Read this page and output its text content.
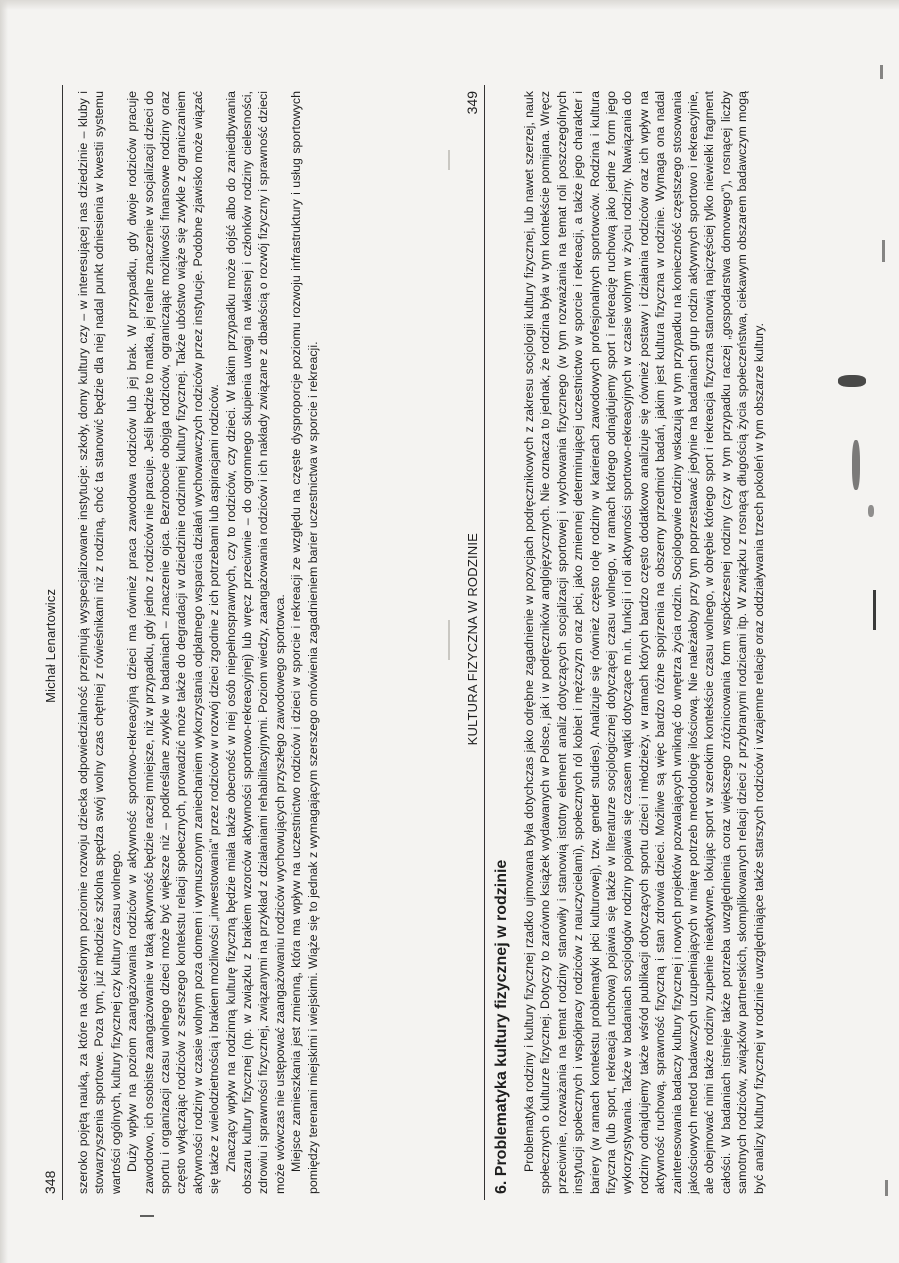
348
Michał Lenartowicz szeroko pojętą nauką, za które na określonym poziomie rozwoju dziecka odpowiedzialność przejmują wyspecjalizowane instytucje: szkoły, domy kultury czy – w interesującej nas dziedzinie – kluby i stowarzyszenia sportowe. Poza tym, już młodzież szkolna spędza swój wolny czas chętniej z rówieśnikami niż z rodziną, choć ta stanowić będzie dla niej nadal punkt odniesienia w kwestii systemu wartości ogólnych, kultury fizycznej czy kultury czasu wolnego. Duży wpływ na poziom zaangażowania rodziców w aktywność sportowo-rekreacyjną dzieci ma również praca zawodowa rodziców lub jej brak. W przypadku, gdy dwoje rodziców pracuje zawodowo, ich osobiste zaangażowanie w taką aktywność będzie raczej mniejsze, niż w przypadku, gdy jedno z rodziców nie pracuje. Jeśli będzie to matka, jej realne znaczenie w socjalizacji dzieci do sportu i organizacji czasu wolnego dzieci może być większe niż – podkreślane zwykle w badaniach – znaczenie ojca. Bezrobocie obojga rodziców, ograniczając możliwości finansowe rodziny oraz często wyłączając rodziców z szerszego kontekstu relacji społecznych, prowadzić może także do degradacji w dziedzinie rodzinnej kultury fizycznej. Także ubóstwo wiąże się zwykle z ograniczaniem aktywności rodziny w czasie wolnym poza domem i wymuszonym zaniechaniem wykorzystania odpłatnego wsparcia działań wychowawczych rodziców przez instytucje. Podobne zjawisko może wiązać się także z wielodzietnością i brakiem możliwości „inwestowania” przez rodziców w rozwój dzieci zgodnie z ich potrzebami lub aspiracjami rodziców. Znaczący wpływ na rodzinną kulturę fizyczną będzie miała także obecność w niej osób niepełnosprawnych, czy to rodziców, czy dzieci. W takim przypadku może dojść albo do zaniedbywania obszaru kultury fizycznej (np. w związku z brakiem wzorców aktywności sportowo-rekreacyjnej) lub wręcz przeciwnie – do ogromnego skupienia uwagi na własnej i członków rodziny cielesności, zdrowiu i sprawności fizycznej, związanymi na przykład z działaniami rehabilitacyjnymi. Poziom wiedzy, zaangażowania rodziców i ich nakłady związane z dbałością o rozwój fizyczny i sprawność dzieci może wówczas nie ustępować zaangażowaniu rodziców wychowujących przyszłego zawodowego sportowca. Miejsce zamieszkania jest zmienną, która ma wpływ na uczestnictwo rodziców i dzieci w sporcie i rekreacji ze względu na częste dysproporcje poziomu rozwoju infrastruktury i usług sportowych pomiędzy terenami miejskimi i wiejskimi. Wiąże się to jednak z wymagającym szerszego omówienia zagadnieniem barier uczestnictwa w sporcie i rekreacji.	KULTURA FIZYCZNA W RODZINIE
349
6. Problematyka kultury fizycznej w rodzinie Problematyka rodziny i kultury fizycznej rzadko ujmowana była dotychczas jako odrębne zagadnienie w pozycjach podręcznikowych z zakresu socjologii kultury fizycznej, lub nawet szerzej, nauk społecznych o kulturze fizycznej. Dotyczy to zarówno książek wydawanych w Polsce, jak i w podręczników anglojęzycznych. Nie oznacza to jednak, że rodzina była w tym kontekście pomijana. Wręcz przeciwnie, rozważania na temat rodziny stanowiły i stanowią istotny element analiz dotyczących socjalizacji sportowej i wychowania fizycznego (w tym rozważania na temat roli poszczególnych instytucji społecznych i współpracy rodziców z nauczycielami), społecznych ról kobiet i mężczyzn oraz płci, jako zmiennej determinującej uczestnictwo w sporcie i rekreacji, a także jego charakter i bariery (w ramach kontekstu problematyki płci kulturowej), tzw. gender studies). Analizuje się również często rolę rodziny w karierach zawodowych profesjonalnych sportowców. Rodzina i kultura fizyczna (lub sport, rekreacja ruchowa) pojawia się także w literaturze socjologicznej dotyczącej czasu wolnego, w ramach którego odnajdujemy sport i rekreację ruchową jako jedne z form jego wykorzystywania. Także w badaniach socjologów rodziny pojawia się czasem wątki dotyczące m.in. funkcji i roli aktywności sportowo-rekreacyjnych w czasie wolnym w życiu rodziny. Nawiązania do rodziny odnajdujemy także wśród publikacji dotyczących sportu dzieci i młodzieży, w ramach których bardzo często dodatkowo analizuje się również postawy i działania rodziców oraz ich wpływ na aktywność ruchową, sprawność fizyczną i stan zdrowia dzieci. Możliwe są więc bardzo różne spojrzenia na obszerny przedmiot badań, jakim jest kultura fizyczna w rodzinie. Wymaga ona nadal zainteresowania badaczy kultury fizycznej i nowych projektów pozwalających wniknąć do wnętrza życia rodzin. Socjologowie rodziny wskazują w tym przypadku na konieczność częstszego stosowania jakościowych metod badawczych uzupełniających w miarę potrzeb metodologię ilościową. Nie należałoby przy tym poprzestawać jedynie na badaniach grup rodzin aktywnych sportowo i rekreacyjnie, ale obejmować nimi także rodziny zupełnie nieaktywne, lokując sport w szerokim kontekście czasu wolnego, w obrębie którego sport i rekreacja fizyczna stanowią najczęściej tylko niewielki fragment całości. W badaniach istnieje także potrzeba uwzględnienia coraz większego zróżnicowania form współczesnej rodziny (czy w tym przypadku raczej „gospodarstwa domowego”), rosnącej liczby samotnych rodziców, związków partnerskich, skomplikowanych relacji dzieci z przybranymi rodzicami itp. W związku z rosnącą długością życia społeczeństwa, ciekawym obszarem badawczym mogą być analizy kultury fizycznej w rodzinie uwzględniające także starszych rodziców i wzajemne relacje oraz oddziaływania trzech pokoleń w tym obszarze kultury.
